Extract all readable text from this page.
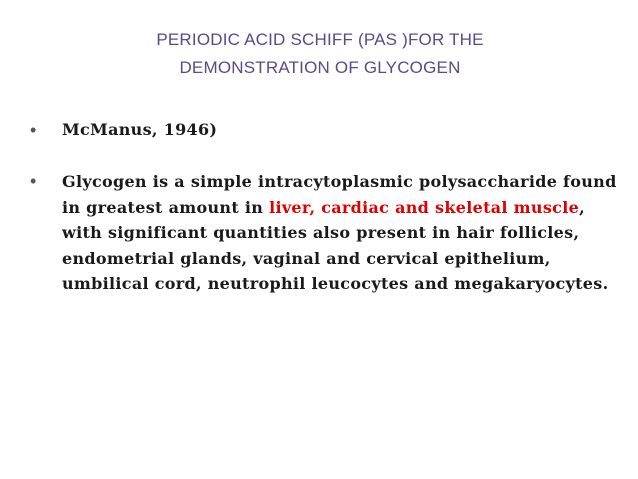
PERIODIC ACID SCHIFF (PAS )FOR THE
DEMONSTRATION OF GLYCOGEN
• McManus, 1946)
• Glycogen is a simple intracytoplasmic polysaccharide found in greatest amount in liver, cardiac and skeletal muscle, with significant quantities also present in hair follicles, endometrial glands, vaginal and cervical epithelium, umbilical cord, neutrophil leucocytes and megakaryocytes.
